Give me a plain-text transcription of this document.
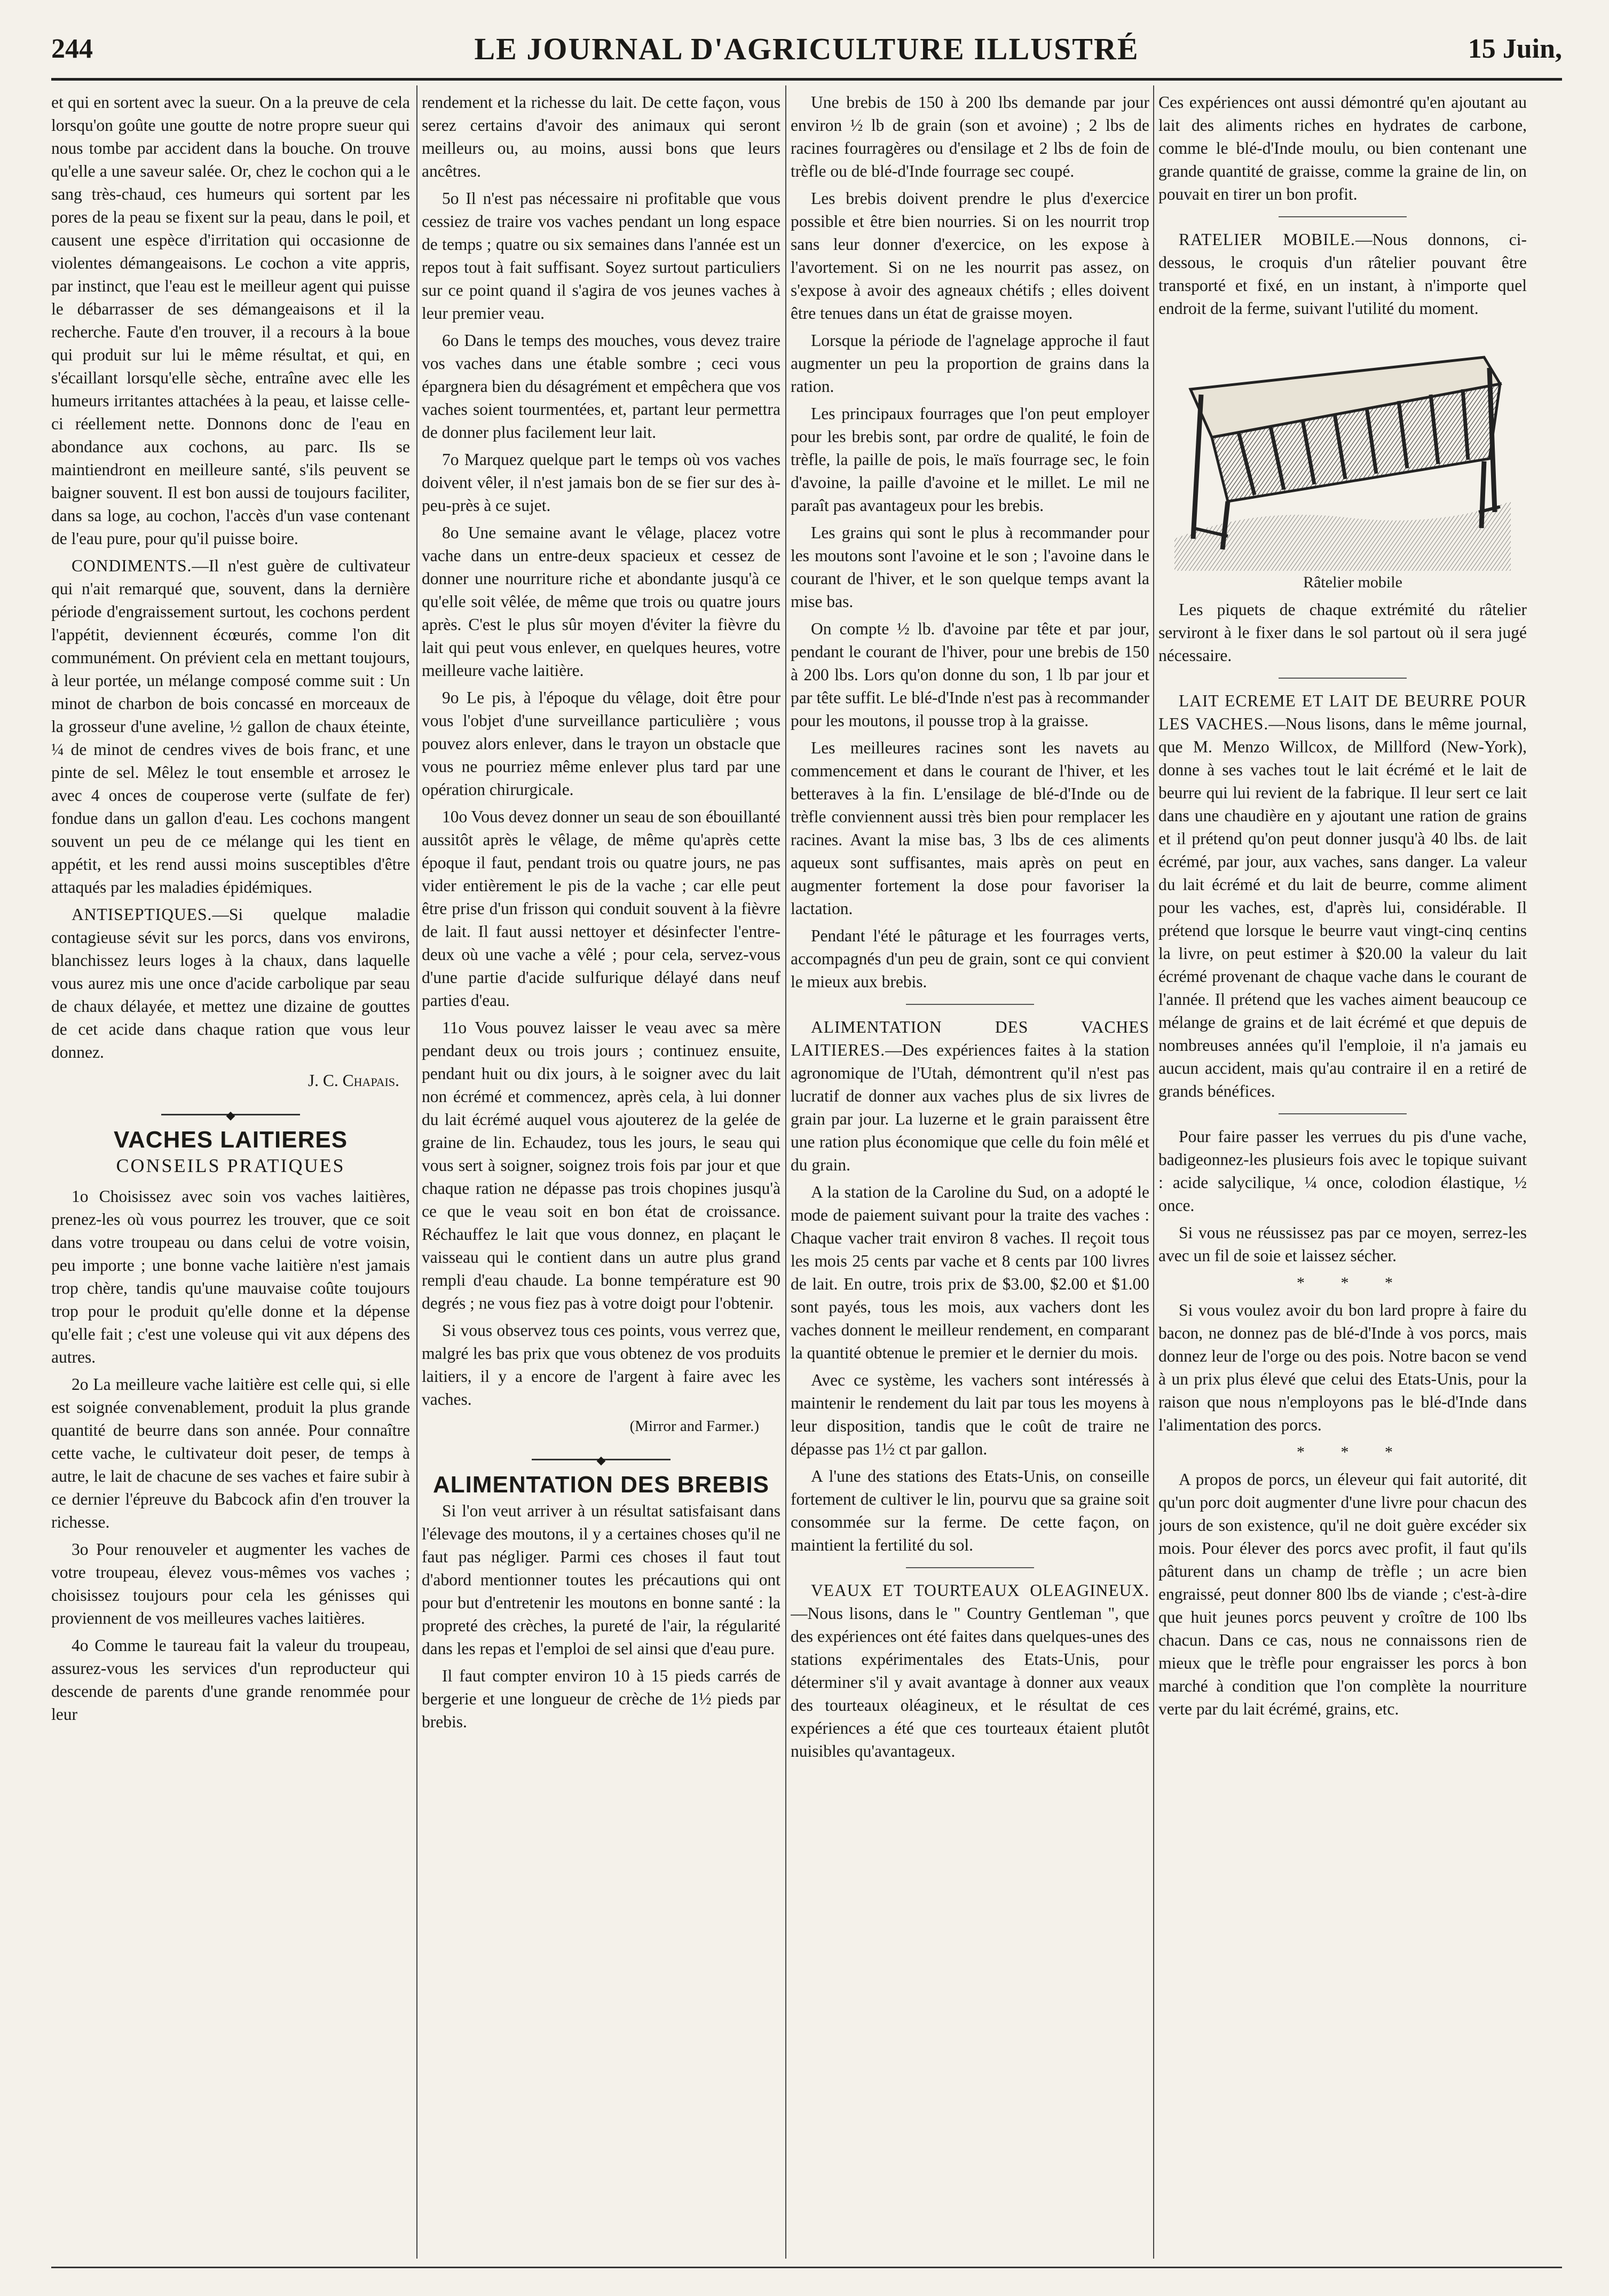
244	LE JOURNAL D'AGRICULTURE ILLUSTRÉ	15 Juin,

et qui en sortent avec la sueur. On a la preuve de cela lorsqu'on goûte une goutte de notre propre sueur qui nous tombe par accident dans la bouche. On trouve qu'elle a une saveur salée. Or, chez le cochon qui a le sang très-chaud, ces humeurs qui sortent par les pores de la peau se fixent sur la peau, dans le poil, et causent une espèce d'irritation qui occasionne de violentes démangeaisons. Le cochon a vite appris, par instinct, que l'eau est le meilleur agent qui puisse le débarrasser de ses démangeaisons et il la recherche. Faute d'en trouver, il a recours à la boue qui produit sur lui le même résultat, et qui, en s'écaillant lorsqu'elle sèche, entraîne avec elle les humeurs irritantes attachées à la peau, et laisse celle-ci réellement nette. Donnons donc de l'eau en abondance aux cochons, au parc. Ils se maintiendront en meilleure santé, s'ils peuvent se baigner souvent. Il est bon aussi de toujours faciliter, dans sa loge, au cochon, l'accès d'un vase contenant de l'eau pure, pour qu'il puisse boire.

CONDIMENTS.—Il n'est guère de cultivateur qui n'ait remarqué que, souvent, dans la dernière période d'engraissement surtout, les cochons perdent l'appétit, deviennent écœurés, comme l'on dit communément. On prévient cela en mettant toujours, à leur portée, un mélange composé comme suit : Un minot de charbon de bois concassé en morceaux de la grosseur d'une aveline, ½ gallon de chaux éteinte, ¼ de minot de cendres vives de bois franc, et une pinte de sel. Mêlez le tout ensemble et arrosez le avec 4 onces de couperose verte (sulfate de fer) fondue dans un gallon d'eau. Les cochons mangent souvent un peu de ce mélange qui les tient en appétit, et les rend aussi moins susceptibles d'être attaqués par les maladies épidémiques.

ANTISEPTIQUES.—Si quelque maladie contagieuse sévit sur les porcs, dans vos environs, blanchissez leurs loges à la chaux, dans laquelle vous aurez mis une once d'acide carbolique par seau de chaux délayée, et mettez une dizaine de gouttes de cet acide dans chaque ration que vous leur donnez.

J. C. Chapais.

◆
VACHES LAITIERES
CONSEILS PRATIQUES

1o Choisissez avec soin vos vaches laitières, prenez-les où vous pourrez les trouver, que ce soit dans votre troupeau ou dans celui de votre voisin, peu importe ; une bonne vache laitière n'est jamais trop chère, tandis qu'une mauvaise coûte toujours trop pour le produit qu'elle donne et la dépense qu'elle fait ; c'est une voleuse qui vit aux dépens des autres.

2o La meilleure vache laitière est celle qui, si elle est soignée convenablement, produit la plus grande quantité de beurre dans son année. Pour connaître cette vache, le cultivateur doit peser, de temps à autre, le lait de chacune de ses vaches et faire subir à ce dernier l'épreuve du Babcock afin d'en trouver la richesse.

3o Pour renouveler et augmenter les vaches de votre troupeau, élevez vous-mêmes vos vaches ; choisissez toujours pour cela les génisses qui proviennent de vos meilleures vaches laitières.

4o Comme le taureau fait la valeur du troupeau, assurez-vous les services d'un reproducteur qui descende de parents d'une grande renommée pour leur

rendement et la richesse du lait. De cette façon, vous serez certains d'avoir des animaux qui seront meilleurs ou, au moins, aussi bons que leurs ancêtres.

5o Il n'est pas nécessaire ni profitable que vous cessiez de traire vos vaches pendant un long espace de temps ; quatre ou six semaines dans l'année est un repos tout à fait suffisant. Soyez surtout particuliers sur ce point quand il s'agira de vos jeunes vaches à leur premier veau.

6o Dans le temps des mouches, vous devez traire vos vaches dans une étable sombre ; ceci vous épargnera bien du désagrément et empêchera que vos vaches soient tourmentées, et, partant leur permettra de donner plus facilement leur lait.

7o Marquez quelque part le temps où vos vaches doivent vêler, il n'est jamais bon de se fier sur des à-peu-près à ce sujet.

8o Une semaine avant le vêlage, placez votre vache dans un entre-deux spacieux et cessez de donner une nourriture riche et abondante jusqu'à ce qu'elle soit vêlée, de même que trois ou quatre jours après. C'est le plus sûr moyen d'éviter la fièvre du lait qui peut vous enlever, en quelques heures, votre meilleure vache laitière.

9o Le pis, à l'époque du vêlage, doit être pour vous l'objet d'une surveillance particulière ; vous pouvez alors enlever, dans le trayon un obstacle que vous ne pourriez même enlever plus tard par une opération chirurgicale.

10o Vous devez donner un seau de son ébouillanté aussitôt après le vêlage, de même qu'après cette époque il faut, pendant trois ou quatre jours, ne pas vider entièrement le pis de la vache ; car elle peut être prise d'un frisson qui conduit souvent à la fièvre de lait. Il faut aussi nettoyer et désinfecter l'entre-deux où une vache a vêlé ; pour cela, servez-vous d'une partie d'acide sulfurique délayé dans neuf parties d'eau.

11o Vous pouvez laisser le veau avec sa mère pendant deux ou trois jours ; continuez ensuite, pendant huit ou dix jours, à le soigner avec du lait non écrémé et commencez, après cela, à lui donner du lait écrémé auquel vous ajouterez de la gelée de graine de lin. Echaudez, tous les jours, le seau qui vous sert à soigner, soignez trois fois par jour et que chaque ration ne dépasse pas trois chopines jusqu'à ce que le veau soit en bon état de croissance. Réchauffez le lait que vous donnez, en plaçant le vaisseau qui le contient dans un autre plus grand rempli d'eau chaude. La bonne température est 90 degrés ; ne vous fiez pas à votre doigt pour l'obtenir.

Si vous observez tous ces points, vous verrez que, malgré les bas prix que vous obtenez de vos produits laitiers, il y a encore de l'argent à faire avec les vaches.

(Mirror and Farmer.)

◆
ALIMENTATION DES BREBIS

Si l'on veut arriver à un résultat satisfaisant dans l'élevage des moutons, il y a certaines choses qu'il ne faut pas négliger. Parmi ces choses il faut tout d'abord mentionner toutes les précautions qui ont pour but d'entretenir les moutons en bonne santé : la propreté des crèches, la pureté de l'air, la régularité dans les repas et l'emploi de sel ainsi que d'eau pure.

Il faut compter environ 10 à 15 pieds carrés de bergerie et une longueur de crèche de 1½ pieds par brebis.

Une brebis de 150 à 200 lbs demande par jour environ ½ lb de grain (son et avoine) ; 2 lbs de racines fourragères ou d'ensilage et 2 lbs de foin de trèfle ou de blé-d'Inde fourrage sec coupé.

Les brebis doivent prendre le plus d'exercice possible et être bien nourries. Si on les nourrit trop sans leur donner d'exercice, on les expose à l'avortement. Si on ne les nourrit pas assez, on s'expose à avoir des agneaux chétifs ; elles doivent être tenues dans un état de graisse moyen.

Lorsque la période de l'agnelage approche il faut augmenter un peu la proportion de grains dans la ration.

Les principaux fourrages que l'on peut employer pour les brebis sont, par ordre de qualité, le foin de trèfle, la paille de pois, le maïs fourrage sec, le foin d'avoine, la paille d'avoine et le millet. Le mil ne paraît pas avantageux pour les brebis.

Les grains qui sont le plus à recommander pour les moutons sont l'avoine et le son ; l'avoine dans le courant de l'hiver, et le son quelque temps avant la mise bas.

On compte ½ lb. d'avoine par tête et par jour, pendant le courant de l'hiver, pour une brebis de 150 à 200 lbs. Lors qu'on donne du son, 1 lb par jour et par tête suffit. Le blé-d'Inde n'est pas à recommander pour les moutons, il pousse trop à la graisse.

Les meilleures racines sont les navets au commencement et dans le courant de l'hiver, et les betteraves à la fin. L'ensilage de blé-d'Inde ou de trèfle conviennent aussi très bien pour remplacer les racines. Avant la mise bas, 3 lbs de ces aliments aqueux sont suffisantes, mais après on peut en augmenter fortement la dose pour favoriser la lactation.

Pendant l'été le pâturage et les fourrages verts, accompagnés d'un peu de grain, sont ce qui convient le mieux aux brebis.

ALIMENTATION DES VACHES LAITIERES.—Des expériences faites à la station agronomique de l'Utah, démontrent qu'il n'est pas lucratif de donner aux vaches plus de six livres de grain par jour. La luzerne et le grain paraissent être une ration plus économique que celle du foin mêlé et du grain.

A la station de la Caroline du Sud, on a adopté le mode de paiement suivant pour la traite des vaches : Chaque vacher trait environ 8 vaches. Il reçoit tous les mois 25 cents par vache et 8 cents par 100 livres de lait. En outre, trois prix de $3.00, $2.00 et $1.00 sont payés, tous les mois, aux vachers dont les vaches donnent le meilleur rendement, en comparant la quantité obtenue le premier et le dernier du mois.

Avec ce système, les vachers sont intéressés à maintenir le rendement du lait par tous les moyens à leur disposition, tandis que le coût de traire ne dépasse pas 1½ ct par gallon.

A l'une des stations des Etats-Unis, on conseille fortement de cultiver le lin, pourvu que sa graine soit consommée sur la ferme. De cette façon, on maintient la fertilité du sol.

VEAUX ET TOURTEAUX OLEAGINEUX.—Nous lisons, dans le " Country Gentleman ", que des expériences ont été faites dans quelques-unes des stations expérimentales des Etats-Unis, pour déterminer s'il y avait avantage à donner aux veaux des tourteaux oléagineux, et le résultat de ces expériences a été que ces tourteaux étaient plutôt nuisibles qu'avantageux.

Ces expériences ont aussi démontré qu'en ajoutant au lait des aliments riches en hydrates de carbone, comme le blé-d'Inde moulu, ou bien contenant une grande quantité de graisse, comme la graine de lin, on pouvait en tirer un bon profit.

RATELIER MOBILE.—Nous donnons, ci-dessous, le croquis d'un râtelier pouvant être transporté et fixé, en un instant, à n'importe quel endroit de la ferme, suivant l'utilité du moment.

Râtelier mobile

Les piquets de chaque extrémité du râtelier serviront à le fixer dans le sol partout où il sera jugé nécessaire.

LAIT ECREME ET LAIT DE BEURRE POUR LES VACHES.—Nous lisons, dans le même journal, que M. Menzo Willcox, de Millford (New-York), donne à ses vaches tout le lait écrémé et le lait de beurre qui lui revient de la fabrique. Il leur sert ce lait dans une chaudière en y ajoutant une ration de grains et il prétend qu'on peut donner jusqu'à 40 lbs. de lait écrémé, par jour, aux vaches, sans danger. La valeur du lait écrémé et du lait de beurre, comme aliment pour les vaches, est, d'après lui, considérable. Il prétend que lorsque le beurre vaut vingt-cinq centins la livre, on peut estimer à $20.00 la valeur du lait écrémé provenant de chaque vache dans le courant de l'année. Il prétend que les vaches aiment beaucoup ce mélange de grains et de lait écrémé et que depuis de nombreuses années qu'il l'emploie, il n'a jamais eu aucun accident, mais qu'au contraire il en a retiré de grands bénéfices.

Pour faire passer les verrues du pis d'une vache, badigeonnez-les plusieurs fois avec le topique suivant : acide salycilique, ¼ once, colodion élastique, ½ once.

Si vous ne réussissez pas par ce moyen, serrez-les avec un fil de soie et laissez sécher.

* * *

Si vous voulez avoir du bon lard propre à faire du bacon, ne donnez pas de blé-d'Inde à vos porcs, mais donnez leur de l'orge ou des pois. Notre bacon se vend à un prix plus élevé que celui des Etats-Unis, pour la raison que nous n'employons pas le blé-d'Inde dans l'alimentation des porcs.

* * *

A propos de porcs, un éleveur qui fait autorité, dit qu'un porc doit augmenter d'une livre pour chacun des jours de son existence, qu'il ne doit guère excéder six mois. Pour élever des porcs avec profit, il faut qu'ils pâturent dans un champ de trèfle ; un acre bien engraissé, peut donner 800 lbs de viande ; c'est-à-dire que huit jeunes porcs peuvent y croître de 100 lbs chacun. Dans ce cas, nous ne connaissons rien de mieux que le trèfle pour engraisser les porcs à bon marché à condition que l'on complète la nourriture verte par du lait écrémé, grains, etc.
